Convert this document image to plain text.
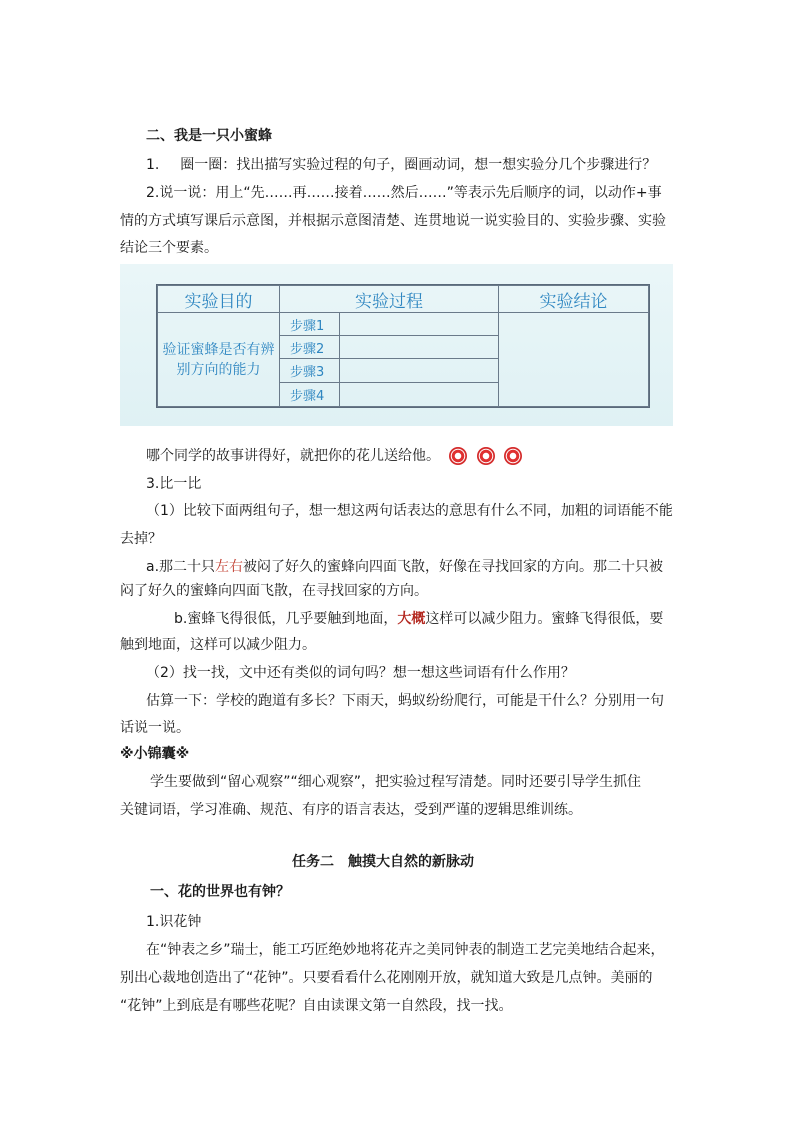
二、我是一只小蜜蜂
1. 圈一圈：找出描写实验过程的句子，圈画动词，想一想实验分几个步骤进行？
2.说一说：用上“先……再……接着……然后……”等表示先后顺序的词，以动作+事
情的方式填写课后示意图，并根据示意图清楚、连贯地说一说实验目的、实验步骤、实验
结论三个要素。
实验目的	实验过程	实验结论
验证蜜蜂是否有辨别方向的能力
步骤1
步骤2
步骤3
步骤4
哪个同学的故事讲得好，就把你的花儿送给他。
3.比一比
（1）比较下面两组句子，想一想这两句话表达的意思有什么不同，加粗的词语能不能
去掉？
a.那二十只左右被闷了好久的蜜蜂向四面飞散，好像在寻找回家的方向。那二十只被
闷了好久的蜜蜂向四面飞散，在寻找回家的方向。
b.蜜蜂飞得很低，几乎要触到地面，大概这样可以减少阻力。蜜蜂飞得很低，要
触到地面，这样可以减少阻力。
（2）找一找，文中还有类似的词句吗？想一想这些词语有什么作用？
估算一下：学校的跑道有多长？下雨天，蚂蚁纷纷爬行，可能是干什么？分别用一句
话说一说。
※小锦囊※
学生要做到“留心观察”“细心观察”，把实验过程写清楚。同时还要引导学生抓住
关键词语，学习准确、规范、有序的语言表达，受到严谨的逻辑思维训练。
任务二　触摸大自然的新脉动
一、花的世界也有钟？
1.识花钟
在“钟表之乡”瑞士，能工巧匠绝妙地将花卉之美同钟表的制造工艺完美地结合起来，
别出心裁地创造出了“花钟”。只要看看什么花刚刚开放，就知道大致是几点钟。美丽的
“花钟”上到底是有哪些花呢？自由读课文第一自然段，找一找。
